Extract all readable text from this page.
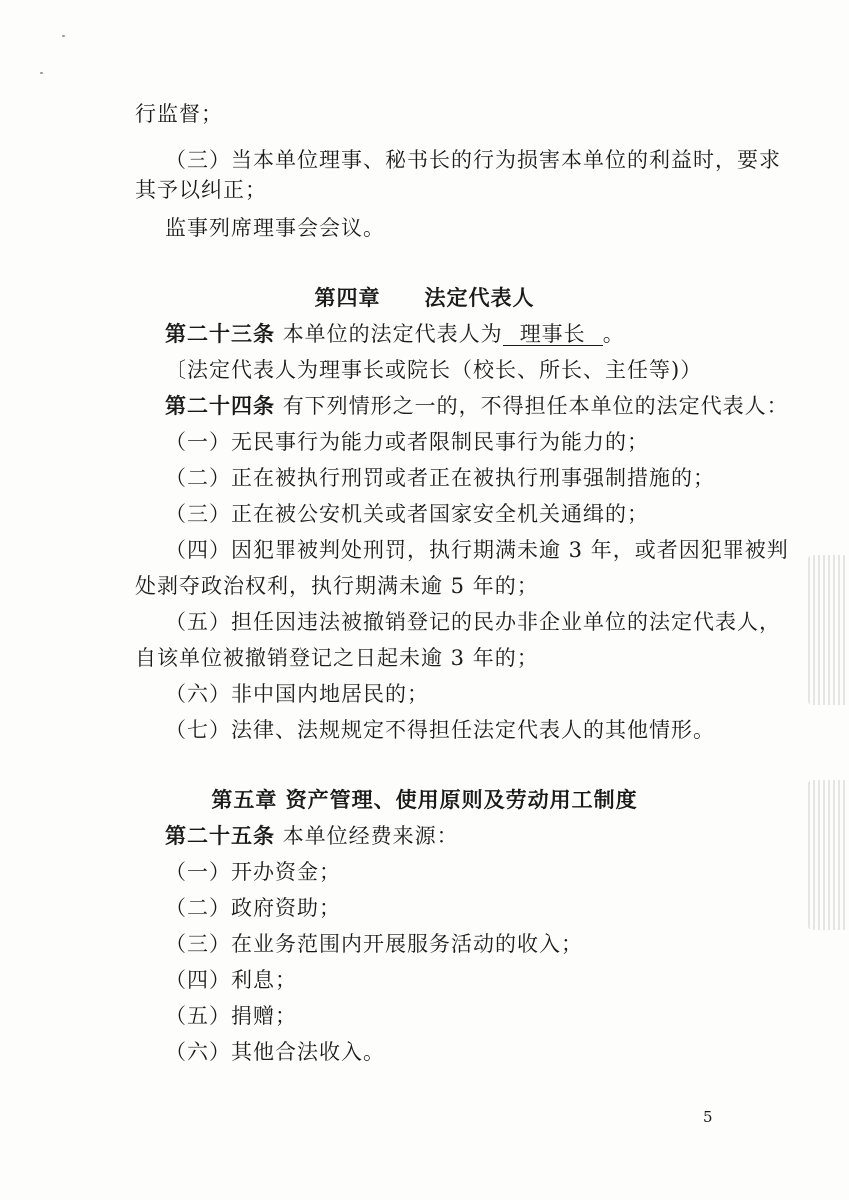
行监督；
（三）当本单位理事、秘书长的行为损害本单位的利益时，要求
其予以纠正；
监事列席理事会会议。
第四章　　法定代表人
第二十三条 本单位的法定代表人为 理事长 。
〔法定代表人为理事长或院长（校长、所长、主任等)）
第二十四条 有下列情形之一的，不得担任本单位的法定代表人：
（一）无民事行为能力或者限制民事行为能力的；
（二）正在被执行刑罚或者正在被执行刑事强制措施的；
（三）正在被公安机关或者国家安全机关通缉的；
（四）因犯罪被判处刑罚，执行期满未逾 3 年，或者因犯罪被判
处剥夺政治权利，执行期满未逾 5 年的；
（五）担任因违法被撤销登记的民办非企业单位的法定代表人，
自该单位被撤销登记之日起未逾 3 年的；
（六）非中国内地居民的；
（七）法律、法规规定不得担任法定代表人的其他情形。
第五章 资产管理、使用原则及劳动用工制度
第二十五条 本单位经费来源：
（一）开办资金；
（二）政府资助；
（三）在业务范围内开展服务活动的收入；
（四）利息；
（五）捐赠；
（六）其他合法收入。
5
